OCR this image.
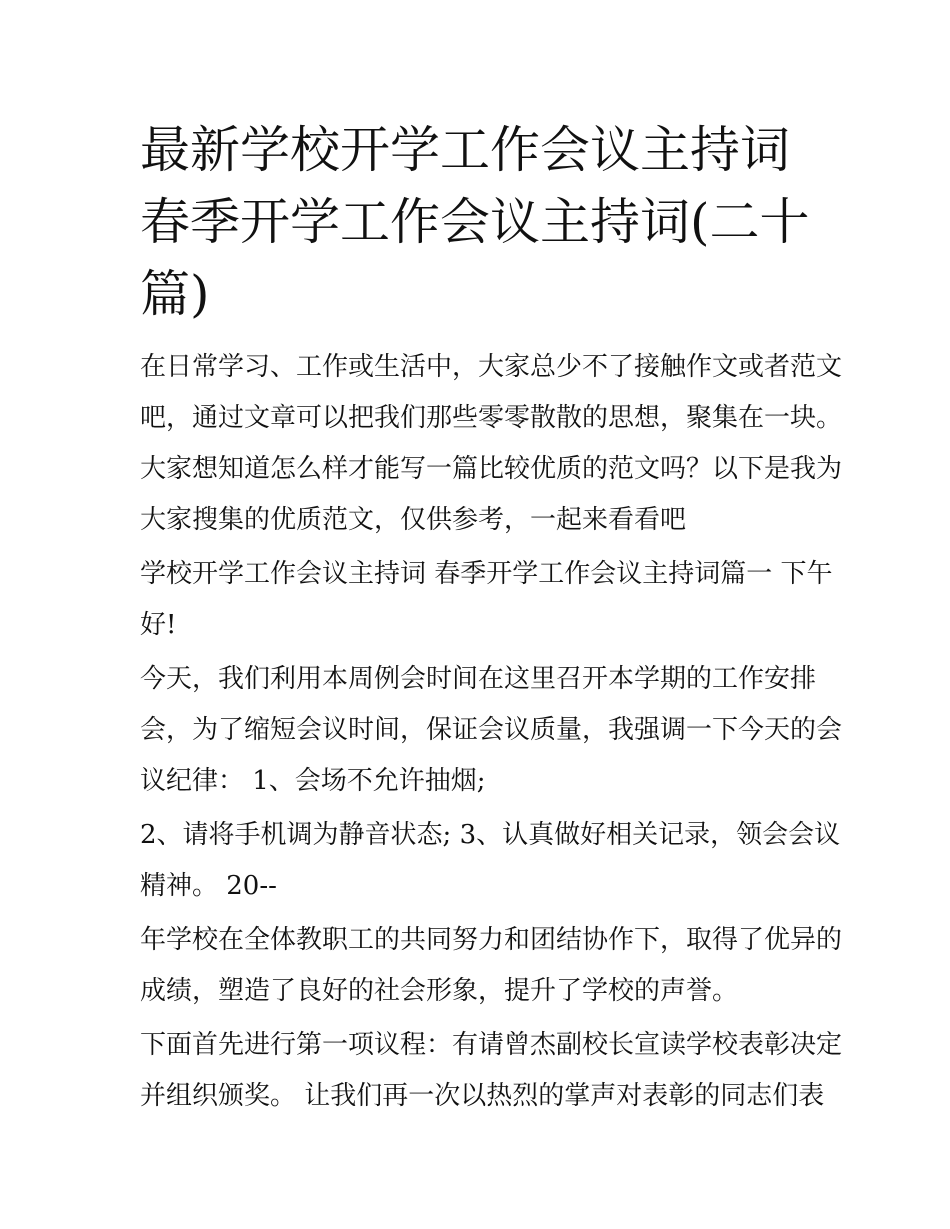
最新学校开学工作会议主持词
春季开学工作会议主持词(二十
篇)

在日常学习、工作或生活中，大家总少不了接触作文或者范文
吧，通过文章可以把我们那些零零散散的思想，聚集在一块。
大家想知道怎么样才能写一篇比较优质的范文吗？以下是我为
大家搜集的优质范文，仅供参考，一起来看看吧

学校开学工作会议主持词 春季开学工作会议主持词篇一 下午
好!

今天，我们利用本周例会时间在这里召开本学期的工作安排
会，为了缩短会议时间，保证会议质量，我强调一下今天的会
议纪律： 1、会场不允许抽烟;

2、请将手机调为静音状态; 3、认真做好相关记录，领会会议
精神。 20--

年学校在全体教职工的共同努力和团结协作下，取得了优异的
成绩，塑造了良好的社会形象，提升了学校的声誉。

下面首先进行第一项议程：有请曾杰副校长宣读学校表彰决定
并组织颁奖。 让我们再一次以热烈的掌声对表彰的同志们表
